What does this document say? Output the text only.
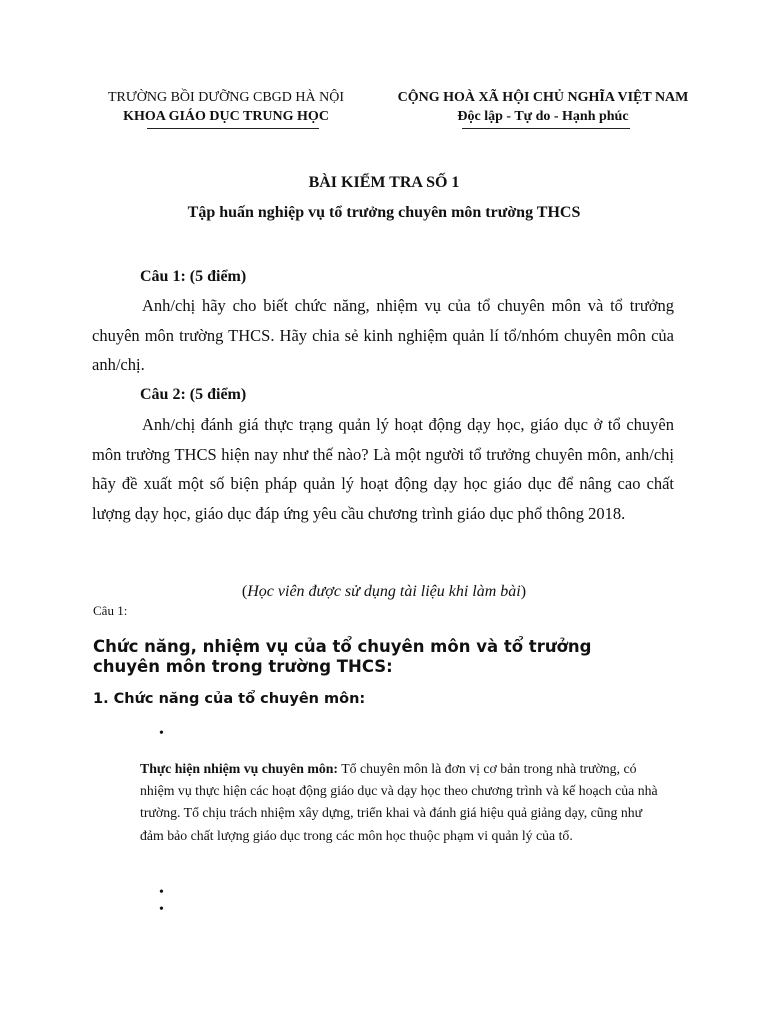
TRƯỜNG BỒI DƯỠNG CBGD HÀ NỘI
KHOA GIÁO DỤC TRUNG HỌC
CỘNG HOÀ XÃ HỘI CHỦ NGHĨA VIỆT NAM
Độc lập - Tự do - Hạnh phúc
BÀI KIỂM TRA SỐ 1
Tập huấn nghiệp vụ tổ trưởng chuyên môn trường THCS
Câu 1: (5 điểm)
Anh/chị hãy cho biết chức năng, nhiệm vụ của tổ chuyên môn và tổ trưởng chuyên môn trường THCS. Hãy chia sẻ kinh nghiệm quản lí tổ/nhóm chuyên môn của anh/chị.
Câu 2: (5 điểm)
Anh/chị đánh giá thực trạng quản lý hoạt động dạy học, giáo dục ở tổ chuyên môn trường THCS hiện nay như thế nào? Là một người tổ trưởng chuyên môn, anh/chị hãy đề xuất một số biện pháp quản lý hoạt động dạy học giáo dục để nâng cao chất lượng dạy học, giáo dục đáp ứng yêu cầu chương trình giáo dục phổ thông 2018.
(Học viên được sử dụng tài liệu khi làm bài)
Câu 1:
Chức năng, nhiệm vụ của tổ chuyên môn và tổ trưởng chuyên môn trong trường THCS:
1. Chức năng của tổ chuyên môn:
•
Thực hiện nhiệm vụ chuyên môn: Tổ chuyên môn là đơn vị cơ bản trong nhà trường, có nhiệm vụ thực hiện các hoạt động giáo dục và dạy học theo chương trình và kế hoạch của nhà trường. Tổ chịu trách nhiệm xây dựng, triển khai và đánh giá hiệu quả giảng dạy, cũng như đảm bảo chất lượng giáo dục trong các môn học thuộc phạm vi quản lý của tổ.
•
•
